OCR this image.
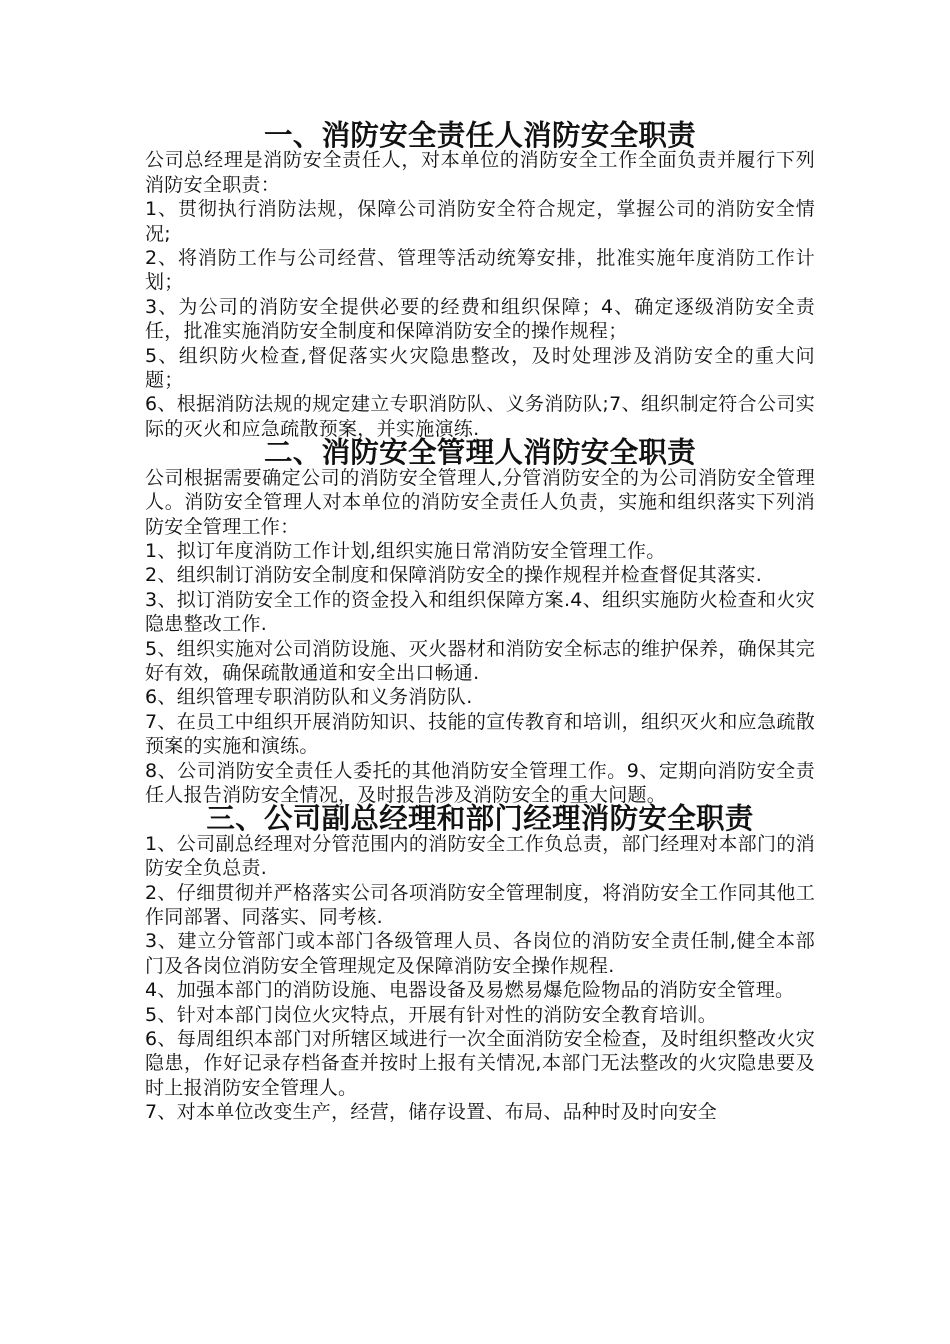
一、消防安全责任人消防安全职责

公司总经理是消防安全责任人，对本单位的消防安全工作全面负责并履行下列消防安全职责：

1、贯彻执行消防法规，保障公司消防安全符合规定，掌握公司的消防安全情况;

2、将消防工作与公司经营、管理等活动统筹安排，批准实施年度消防工作计划；

3、为公司的消防安全提供必要的经费和组织保障；4、确定逐级消防安全责任，批准实施消防安全制度和保障消防安全的操作规程；

5、组织防火检查,督促落实火灾隐患整改，及时处理涉及消防安全的重大问题；

6、根据消防法规的规定建立专职消防队、义务消防队;7、组织制定符合公司实际的灭火和应急疏散预案，并实施演练.

二、消防安全管理人消防安全职责

公司根据需要确定公司的消防安全管理人,分管消防安全的为公司消防安全管理人。消防安全管理人对本单位的消防安全责任人负责，实施和组织落实下列消防安全管理工作：

1、拟订年度消防工作计划,组织实施日常消防安全管理工作。

2、组织制订消防安全制度和保障消防安全的操作规程并检查督促其落实.

3、拟订消防安全工作的资金投入和组织保障方案.4、组织实施防火检查和火灾隐患整改工作.

5、组织实施对公司消防设施、灭火器材和消防安全标志的维护保养，确保其完好有效，确保疏散通道和安全出口畅通.

6、组织管理专职消防队和义务消防队.

7、在员工中组织开展消防知识、技能的宣传教育和培训，组织灭火和应急疏散预案的实施和演练。

8、公司消防安全责任人委托的其他消防安全管理工作。9、定期向消防安全责任人报告消防安全情况，及时报告涉及消防安全的重大问题。

三、公司副总经理和部门经理消防安全职责

1、公司副总经理对分管范围内的消防安全工作负总责，部门经理对本部门的消防安全负总责.

2、仔细贯彻并严格落实公司各项消防安全管理制度，将消防安全工作同其他工作同部署、同落实、同考核.

3、建立分管部门或本部门各级管理人员、各岗位的消防安全责任制,健全本部门及各岗位消防安全管理规定及保障消防安全操作规程.

4、加强本部门的消防设施、电器设备及易燃易爆危险物品的消防安全管理。

5、针对本部门岗位火灾特点，开展有针对性的消防安全教育培训。

6、每周组织本部门对所辖区域进行一次全面消防安全检查，及时组织整改火灾隐患，作好记录存档备查并按时上报有关情况,本部门无法整改的火灾隐患要及时上报消防安全管理人。

7、对本单位改变生产，经营，储存设置、布局、品种时及时向安全
